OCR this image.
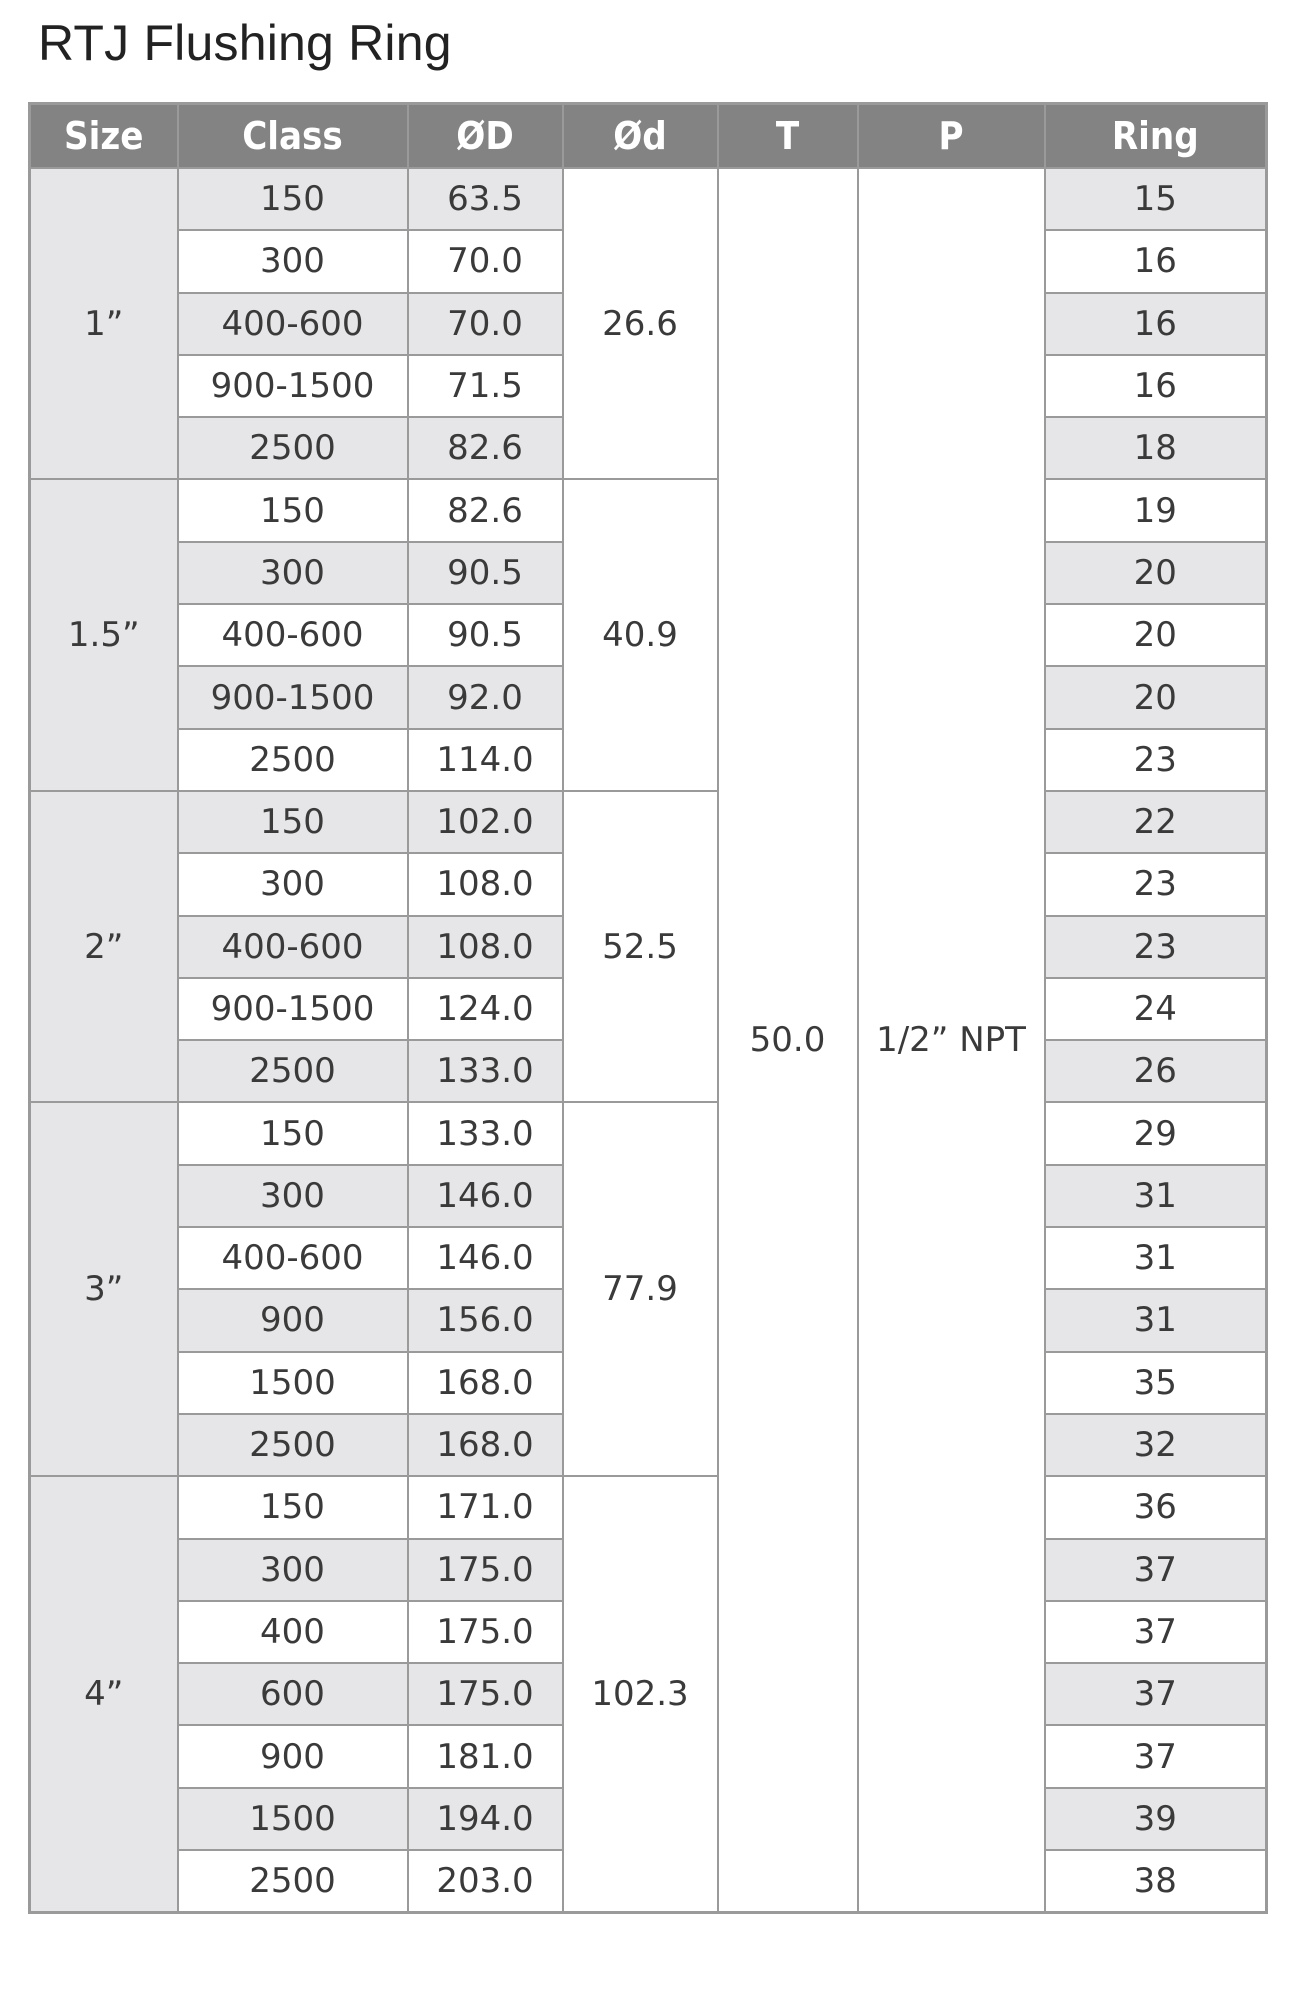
RTJ Flushing Ring
Size	Class	ØD	Ød	T	P	Ring
1”	150	63.5	26.6	50.0	1/2” NPT	15
	300	70.0				16
	400-600	70.0				16
	900-1500	71.5				16
	2500	82.6				18
1.5”	150	82.6	40.9			19
	300	90.5				20
	400-600	90.5				20
	900-1500	92.0				20
	2500	114.0				23
2”	150	102.0	52.5			22
	300	108.0				23
	400-600	108.0				23
	900-1500	124.0				24
	2500	133.0				26
3”	150	133.0	77.9			29
	300	146.0				31
	400-600	146.0				31
	900	156.0				31
	1500	168.0				35
	2500	168.0				32
4”	150	171.0	102.3			36
	300	175.0				37
	400	175.0				37
	600	175.0				37
	900	181.0				37
	1500	194.0				39
	2500	203.0				38
